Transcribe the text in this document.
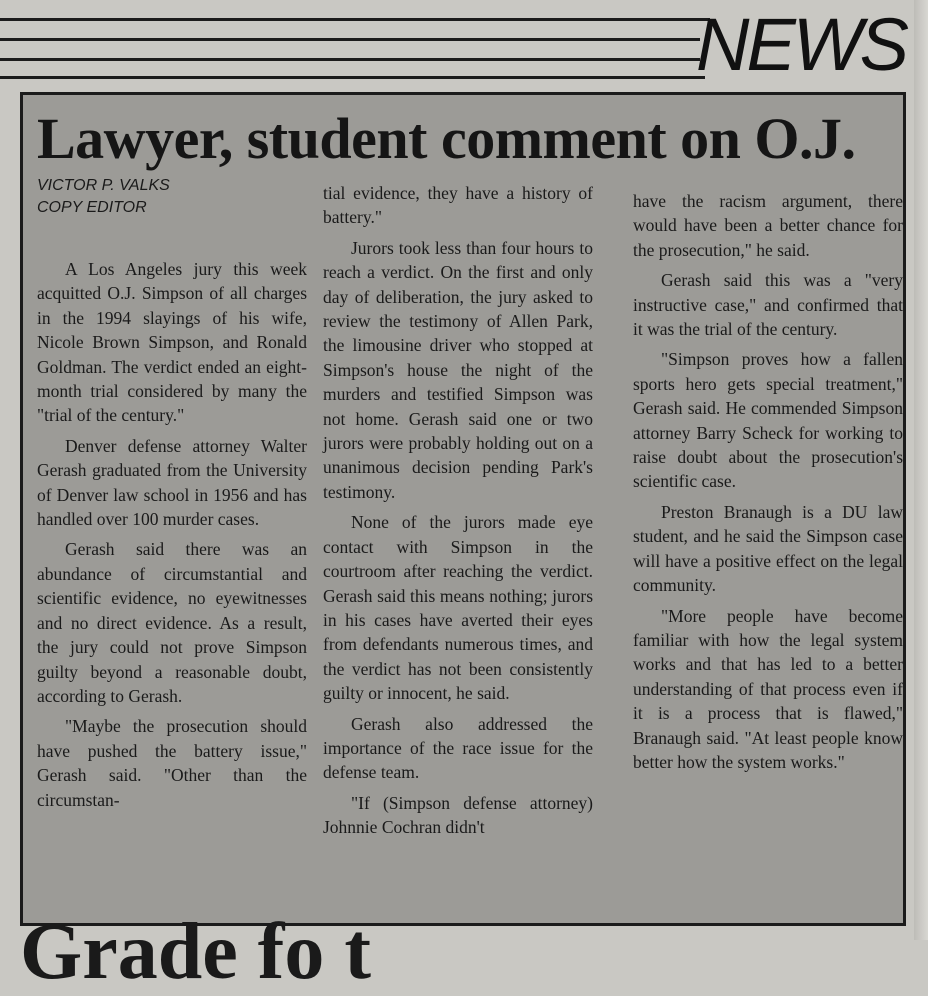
NEWS
Lawyer, student comment on O.J.
VICTOR P. VALKS
COPY EDITOR

A Los Angeles jury this week acquitted O.J. Simpson of all charges in the 1994 slayings of his wife, Nicole Brown Simpson, and Ronald Goldman. The verdict ended an eight-month trial considered by many the "trial of the century."

Denver defense attorney Walter Gerash graduated from the University of Denver law school in 1956 and has handled over 100 murder cases.

Gerash said there was an abundance of circumstantial and scientific evidence, no eyewitnesses and no direct evidence. As a result, the jury could not prove Simpson guilty beyond a reasonable doubt, according to Gerash.

"Maybe the prosecution should have pushed the battery issue," Gerash said. "Other than the circumstan-

tial evidence, they have a history of battery."

Jurors took less than four hours to reach a verdict. On the first and only day of deliberation, the jury asked to review the testimony of Allen Park, the limousine driver who stopped at Simpson's house the night of the murders and testified Simpson was not home. Gerash said one or two jurors were probably holding out on a unanimous decision pending Park's testimony.

None of the jurors made eye contact with Simpson in the courtroom after reaching the verdict. Gerash said this means nothing; jurors in his cases have averted their eyes from defendants numerous times, and the verdict has not been consistently guilty or innocent, he said.

Gerash also addressed the importance of the race issue for the defense team.

"If (Simpson defense attorney) Johnnie Cochran didn't

have the racism argument, there would have been a better chance for the prosecution," he said.

Gerash said this was a "very instructive case," and confirmed that it was the trial of the century.

"Simpson proves how a fallen sports hero gets special treatment," Gerash said. He commended Simpson attorney Barry Scheck for working to raise doubt about the prosecution's scientific case.

Preston Branaugh is a DU law student, and he said the Simpson case will have a positive effect on the legal community.

"More people have become familiar with how the legal system works and that has led to a better understanding of that process even if it is a process that is flawed," Branaugh said. "At least people know better how the system works."

Grade fo t
